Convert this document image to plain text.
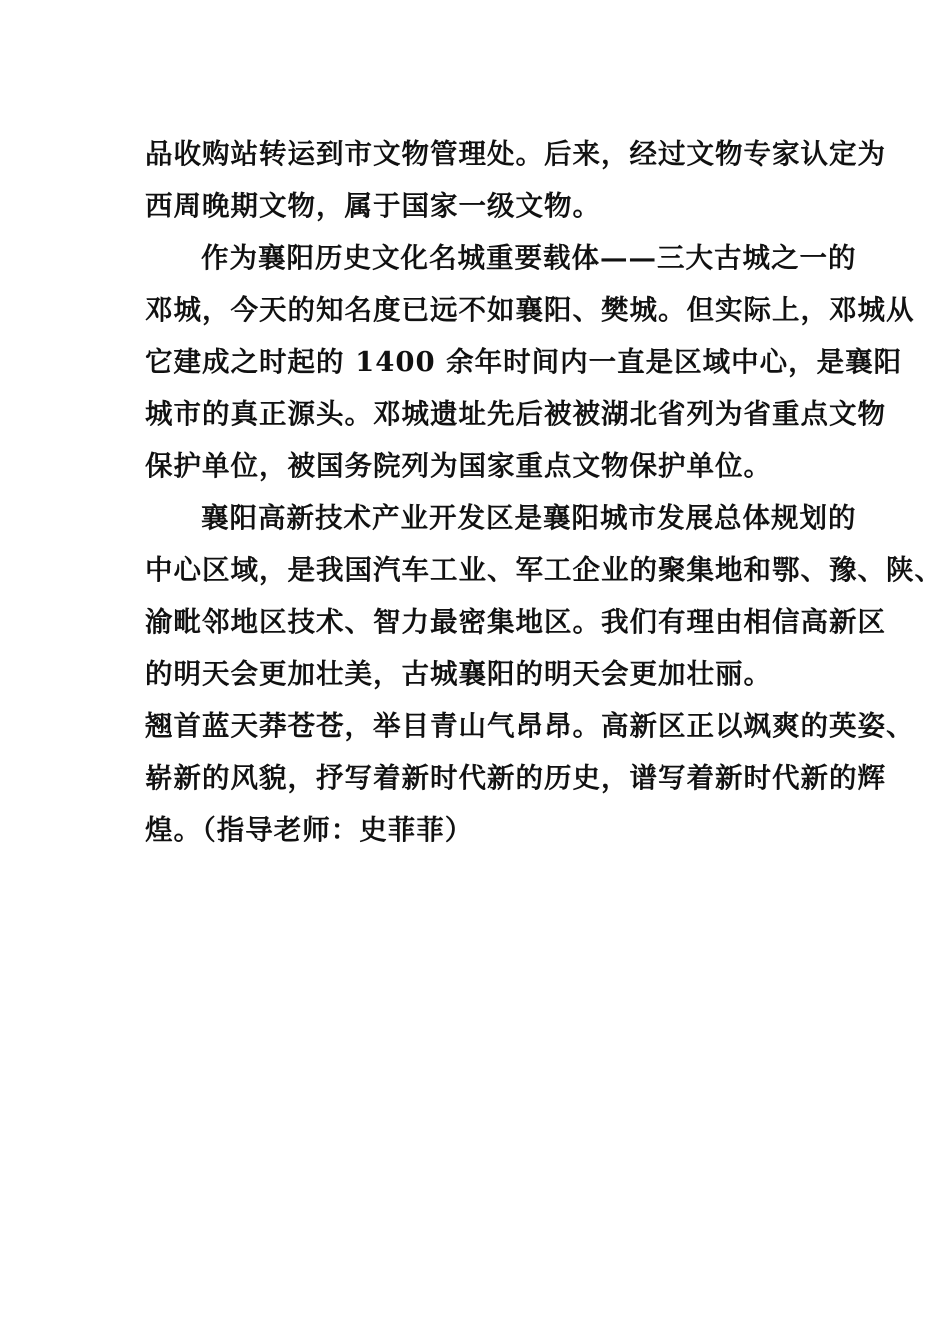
品收购站转运到市文物管理处。后来，经过文物专家认定为
西周晚期文物，属于国家一级文物。
作为襄阳历史文化名城重要载体——三大古城之一的
邓城，今天的知名度已远不如襄阳、樊城。但实际上，邓城从
它建成之时起的 1400 余年时间内一直是区域中心，是襄阳
城市的真正源头。邓城遗址先后被被湖北省列为省重点文物
保护单位，被国务院列为国家重点文物保护单位。
襄阳高新技术产业开发区是襄阳城市发展总体规划的
中心区域，是我国汽车工业、军工企业的聚集地和鄂、豫、陕、
渝毗邻地区技术、智力最密集地区。我们有理由相信高新区
的明天会更加壮美，古城襄阳的明天会更加壮丽。
翘首蓝天莽苍苍，举目青山气昂昂。高新区正以飒爽的英姿、
崭新的风貌，抒写着新时代新的历史，谱写着新时代新的辉
煌。（指导老师：史菲菲）
